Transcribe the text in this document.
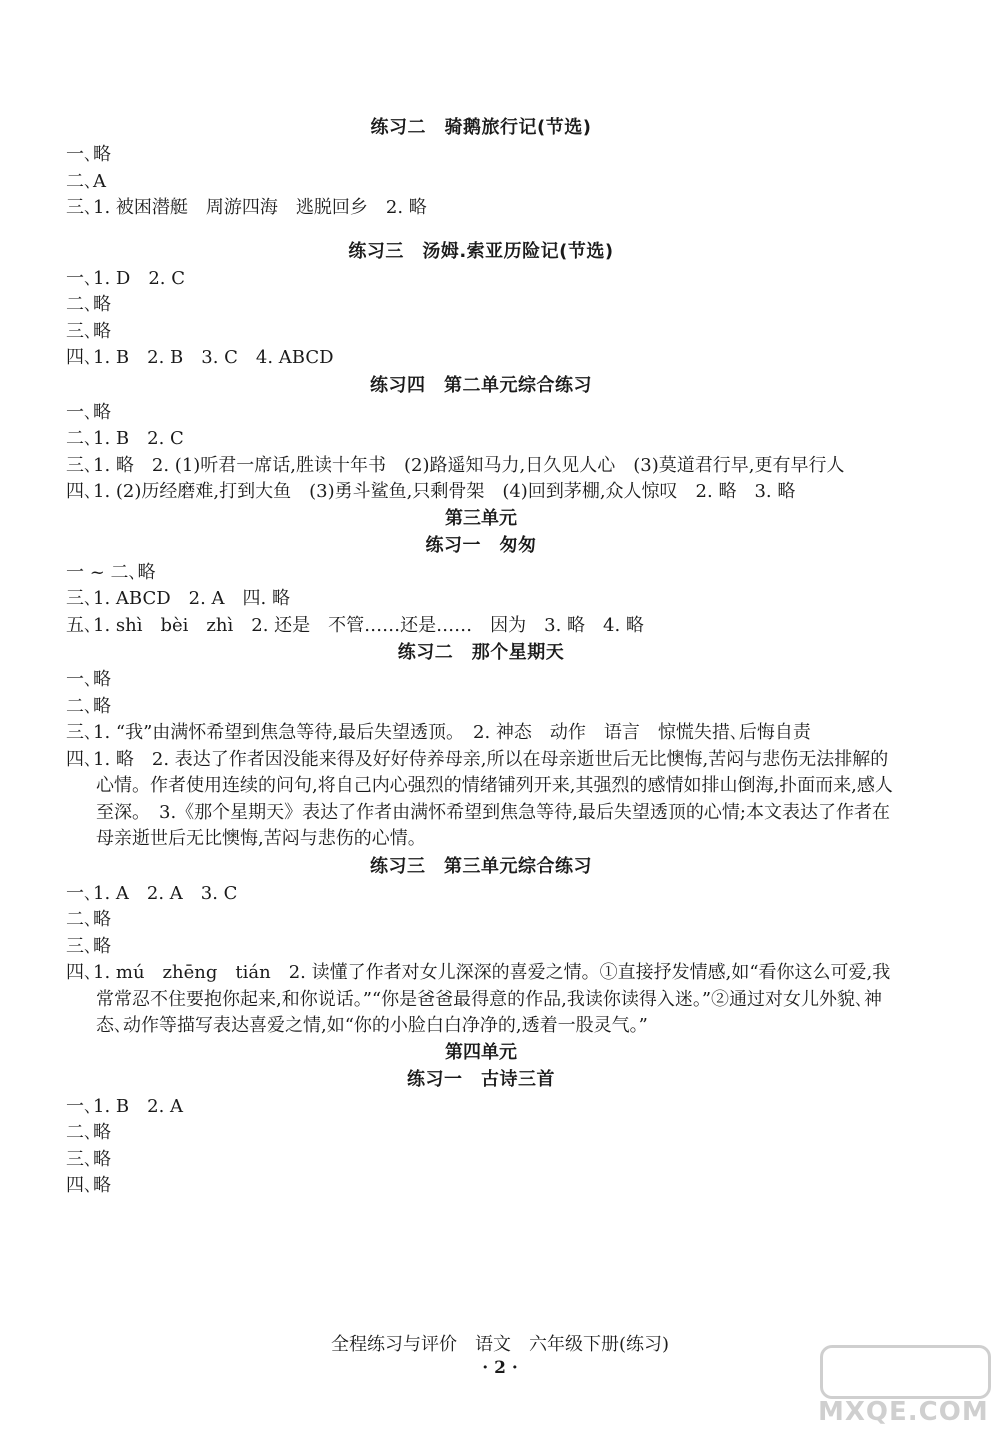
练习二　骑鹅旅行记(节选)
一､略
二､A
三､1. 被困潜艇　周游四海　逃脱回乡　2. 略
练习三　汤姆.索亚历险记(节选)
一､1. D　2. C
二､略
三､略
四､1. B　2. B　3. C　4. ABCD
练习四　第二单元综合练习
一､略
二､1. B　2. C
三､1. 略　2. (1)听君一席话,胜读十年书　(2)路遥知马力,日久见人心　(3)莫道君行早,更有早行人
四､1. (2)历经磨难,打到大鱼　(3)勇斗鲨鱼,只剩骨架　(4)回到茅棚,众人惊叹　2. 略　3. 略
第三单元
练习一　匆匆
一 ~ 二､略
三､1. ABCD　2. A　四. 略
五､1. shì　bèi　zhì　2. 还是　不管……还是……　因为　3. 略　4. 略
练习二　那个星期天
一､略
二､略
三､1. “我”由满怀希望到焦急等待,最后失望透顶。　2. 神态　动作　语言　惊慌失措､后悔自责
四､1. 略　2. 表达了作者因没能来得及好好侍养母亲,所以在母亲逝世后无比懊悔,苦闷与悲伤无法排解的心情。作者使用连续的问句,将自己内心强烈的情绪铺列开来,其强烈的感情如排山倒海,扑面而来,感人至深。　3.《那个星期天》表达了作者由满怀希望到焦急等待,最后失望透顶的心情;本文表达了作者在母亲逝世后无比懊悔,苦闷与悲伤的心情。
练习三　第三单元综合练习
一､1. A　2. A　3. C
二､略
三､略
四､1. mú　zhēng　tián　2. 读懂了作者对女儿深深的喜爱之情。①直接抒发情感,如“看你这么可爱,我常常忍不住要抱你起来,和你说话。”“你是爸爸最得意的作品,我读你读得入迷。”②通过对女儿外貌､神态､动作等描写表达喜爱之情,如“你的小脸白白净净的,透着一股灵气。”
第四单元
练习一　古诗三首
一､1. B　2. A
二､略
三､略
四､略
全程练习与评价　语文　六年级下册(练习)
· 2 ·
MXQE.COM
